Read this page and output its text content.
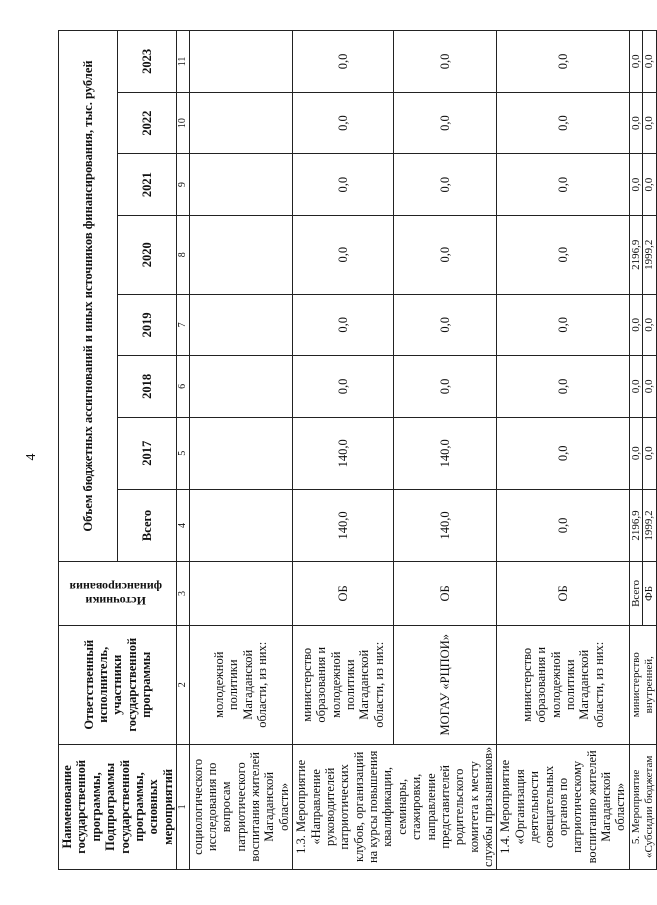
4
Наименование государственной программы, Подпрограммы государственной программы, основных мероприятий	Ответственный исполнитель, участники государственной программы	Источники финансирования	Объем бюджетных ассигнований и иных источников финансирования, тыс. рублей							
			Всего	2017	2018	2019	2020	2021	2022	2023
1	2	3	4	5	6	7	8	9	10	11
социологического исследования по вопросам патриотического воспитания жителей Магаданской области»	молодежной политики Магаданской области, из них:									
1.3. Мероприятие «Направление руководителей патриотических клубов, организаций на курсы повышения квалификации, семинары, стажировки, направление представителей родительского комитета к месту службы призывников»	министерство образования и молодежной политики Магаданской области, из них:	ОБ	140,0	140,0	0,0	0,0	0,0	0,0	0,0	0,0
	МОГАУ «РЦПОИ»	ОБ	140,0	140,0	0,0	0,0	0,0	0,0	0,0	0,0
1.4. Мероприятие «Организация деятельности совещательных органов по патриотическому воспитанию жителей Магаданской области»	министерство образования и молодежной политики Магаданской области, из них:	ОБ	0,0	0,0	0,0	0,0	0,0	0,0	0,0	0,0
5. Мероприятие «Субсидии бюджетам	министерство внутренней,	Всего	2196,9	0,0	0,0	0,0	2196,9	0,0	0,0	0,0
		ФБ	1999,2	0,0	0,0	0,0	1999,2	0,0	0,0	0,0
